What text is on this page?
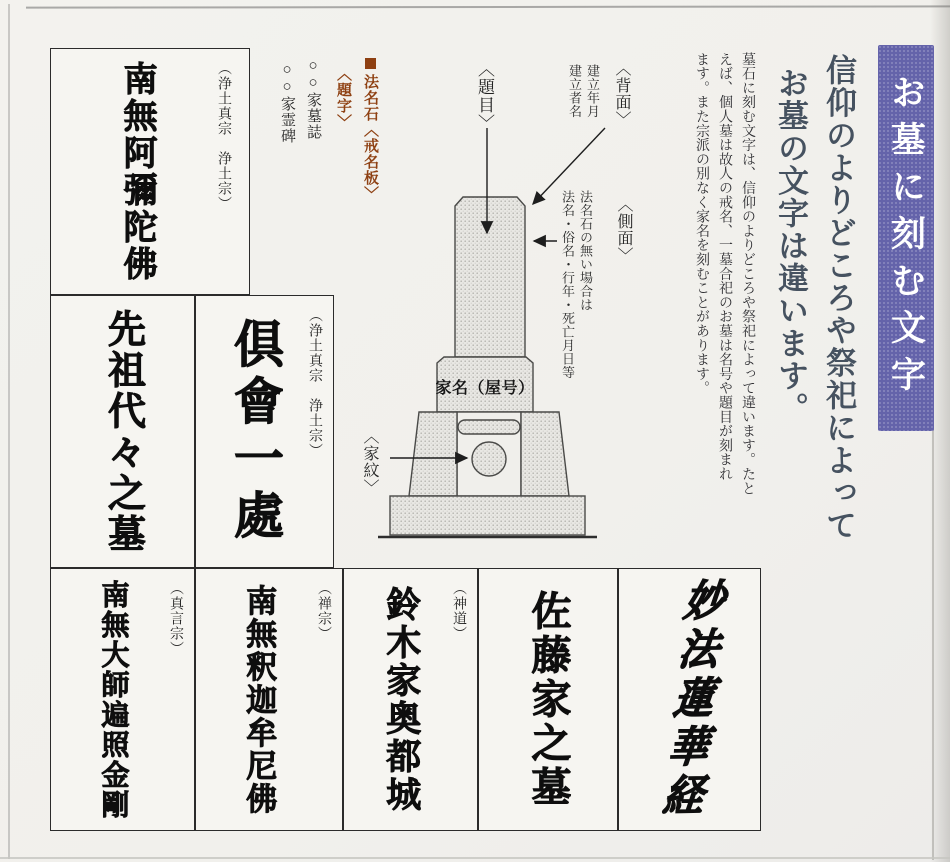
お墓に刻む文字
信仰のよりどころや祭祀によって
お墓の文字は違います。
墓石に刻む文字は、信仰のよりどころや祭祀によって違います。たと
えば、個人墓は故人の戒名、一墓合祀のお墓は名号や題目が刻まれ
ます。また宗派の別なく家名を刻むことがあります。
法名石〈戒名板〉
〈題字〉
○○家墓誌
○○家霊碑	〈題目〉	〈背面〉
建立年月
建立者名
〈側面〉
法名石の無い場合は
法名・俗名・行年・死亡月日等
家名（屋号）
〈家紋〉
（浄土真宗　浄土宗）
南無阿彌陀佛
先祖代々之墓	（浄土真宗　浄土宗）
倶會一處
（真言宗）
南無大師遍照金剛	（禅宗）
南無釈迦牟尼佛	（神道）
鈴木家奥都城	佐藤家之墓 妙法蓮華経
